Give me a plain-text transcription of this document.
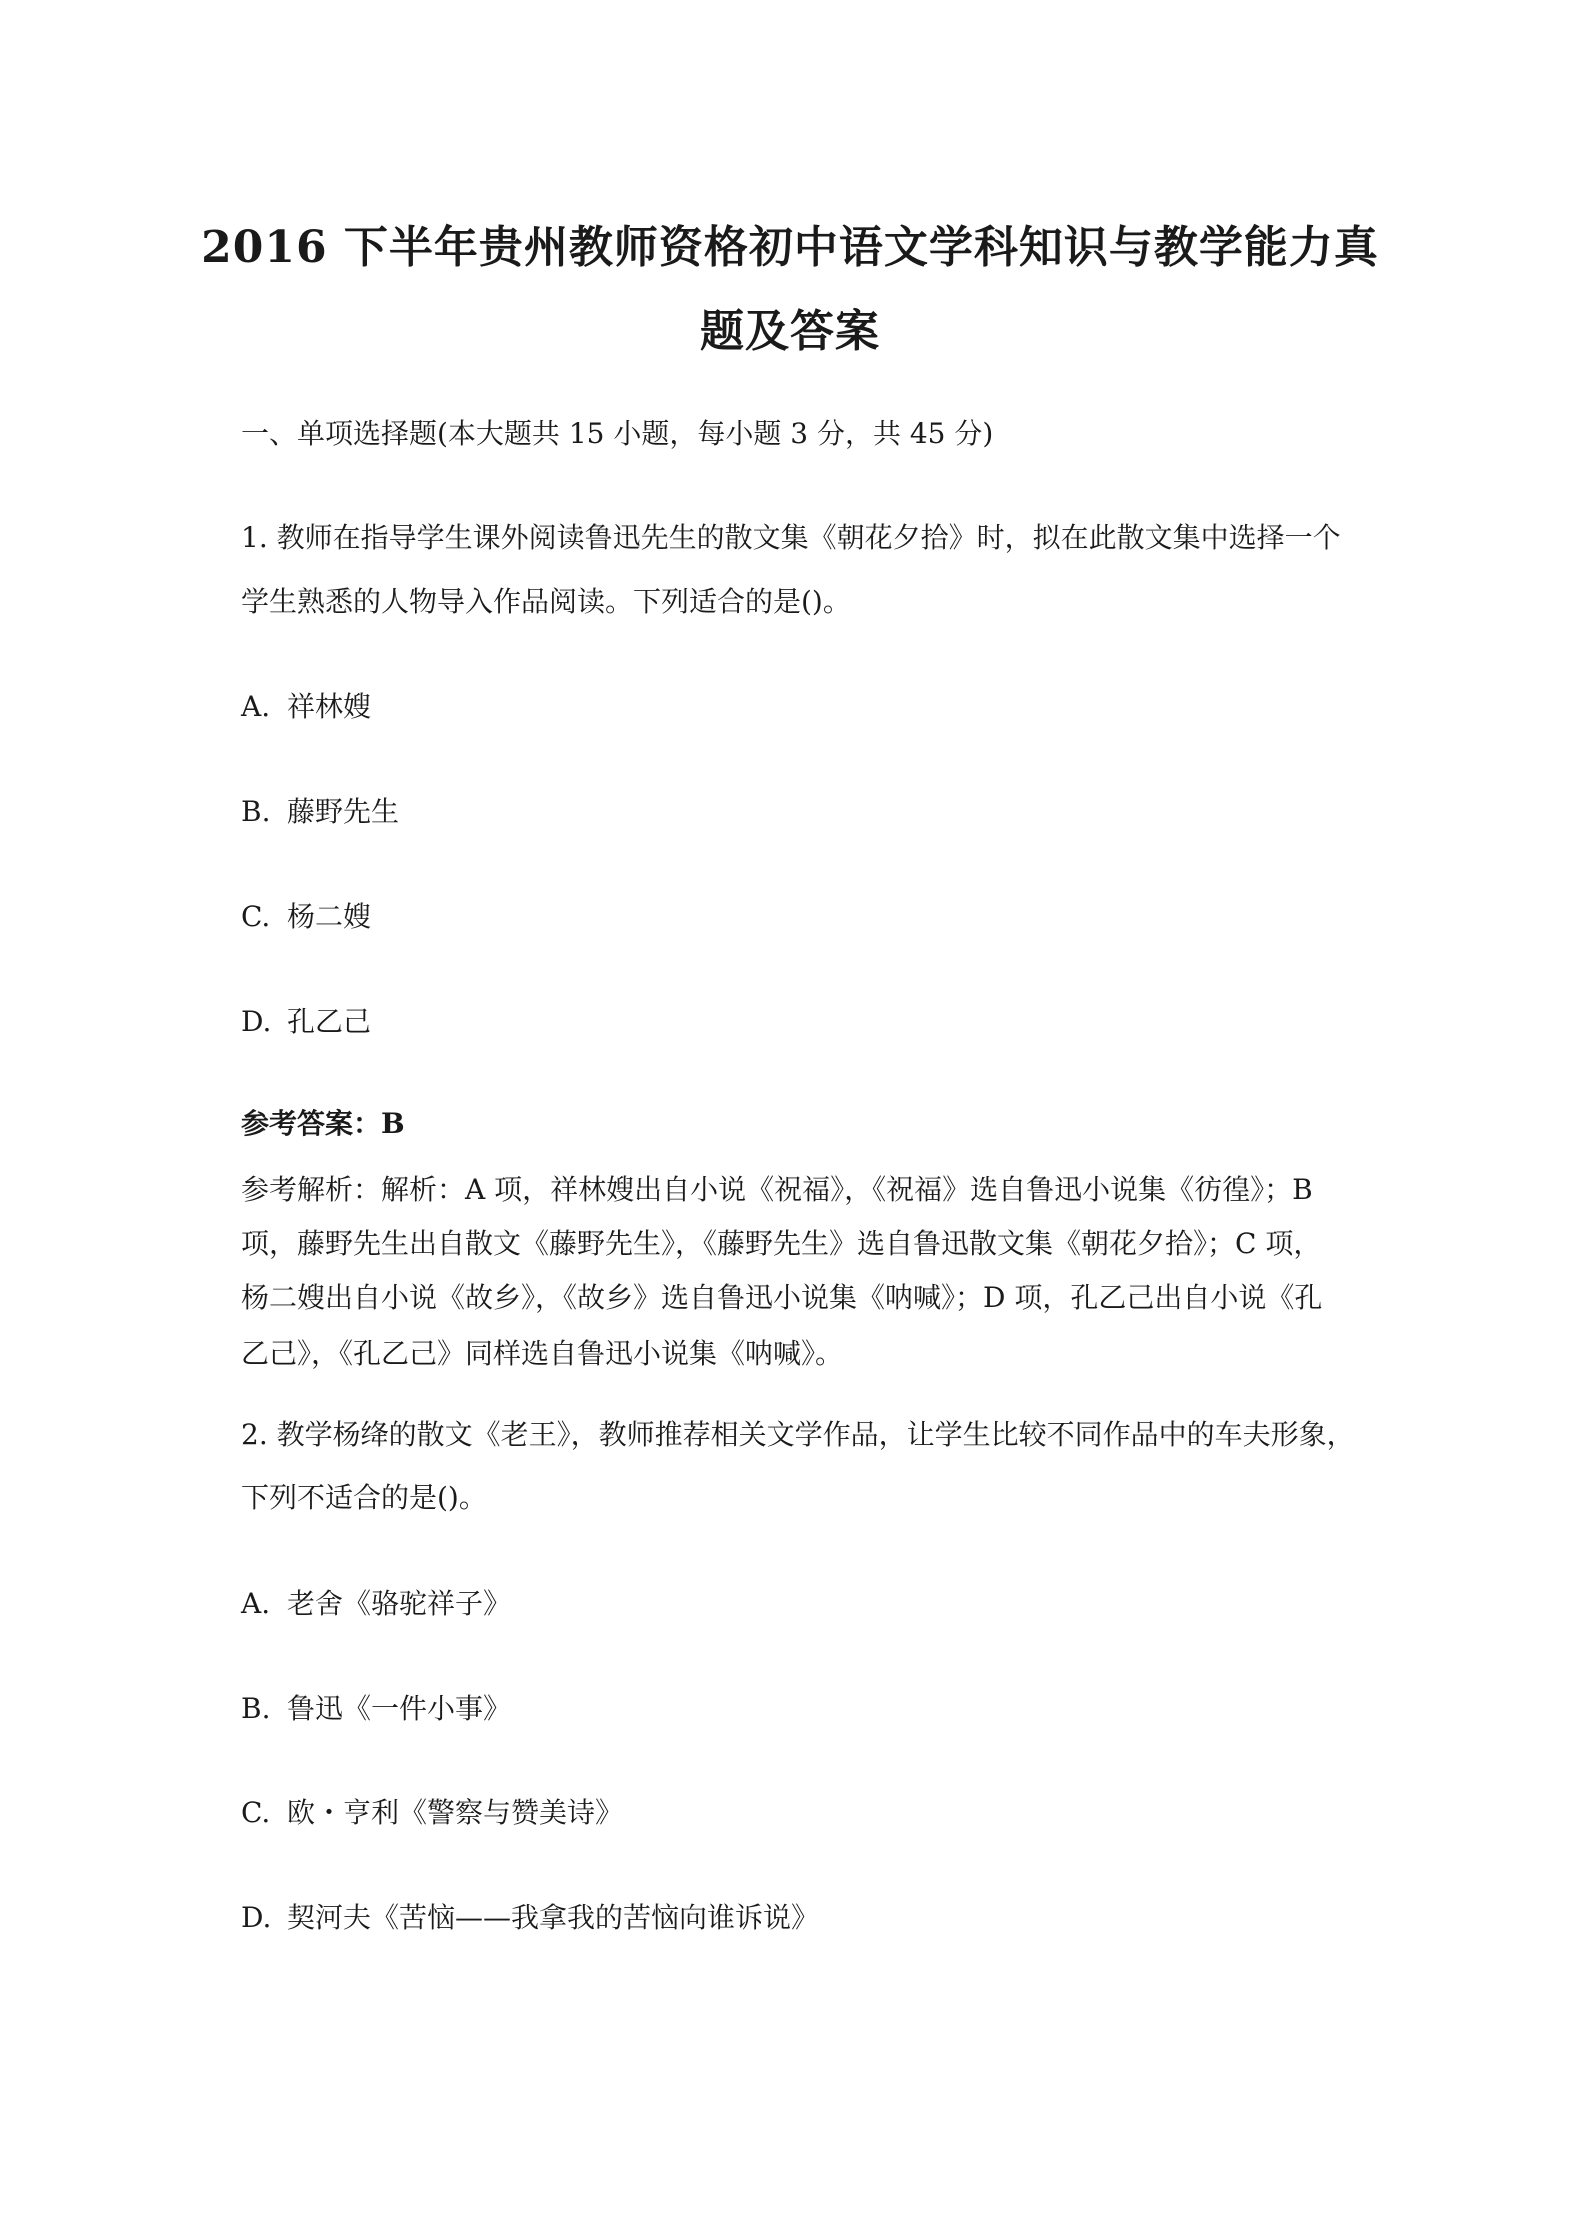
2016 下半年贵州教师资格初中语文学科知识与教学能力真
题及答案
一、单项选择题(本大题共 15 小题，每小题 3 分，共 45 分)
1. 教师在指导学生课外阅读鲁迅先生的散文集《朝花夕拾》时，拟在此散文集中选择一个
学生熟悉的人物导入作品阅读。下列适合的是()。
A. 祥林嫂
B. 藤野先生
C. 杨二嫂
D. 孔乙己
参考答案：B
参考解析：解析：A 项，祥林嫂出自小说《祝福》，《祝福》选自鲁迅小说集《彷徨》；B
项，藤野先生出自散文《藤野先生》，《藤野先生》选自鲁迅散文集《朝花夕拾》；C 项，
杨二嫂出自小说《故乡》，《故乡》选自鲁迅小说集《呐喊》；D 项，孔乙己出自小说《孔
乙己》，《孔乙己》同样选自鲁迅小说集《呐喊》。
2. 教学杨绛的散文《老王》，教师推荐相关文学作品，让学生比较不同作品中的车夫形象，
下列不适合的是()。
A. 老舍《骆驼祥子》
B. 鲁迅《一件小事》
C. 欧・亨利《警察与赞美诗》
D. 契河夫《苦恼——我拿我的苦恼向谁诉说》
